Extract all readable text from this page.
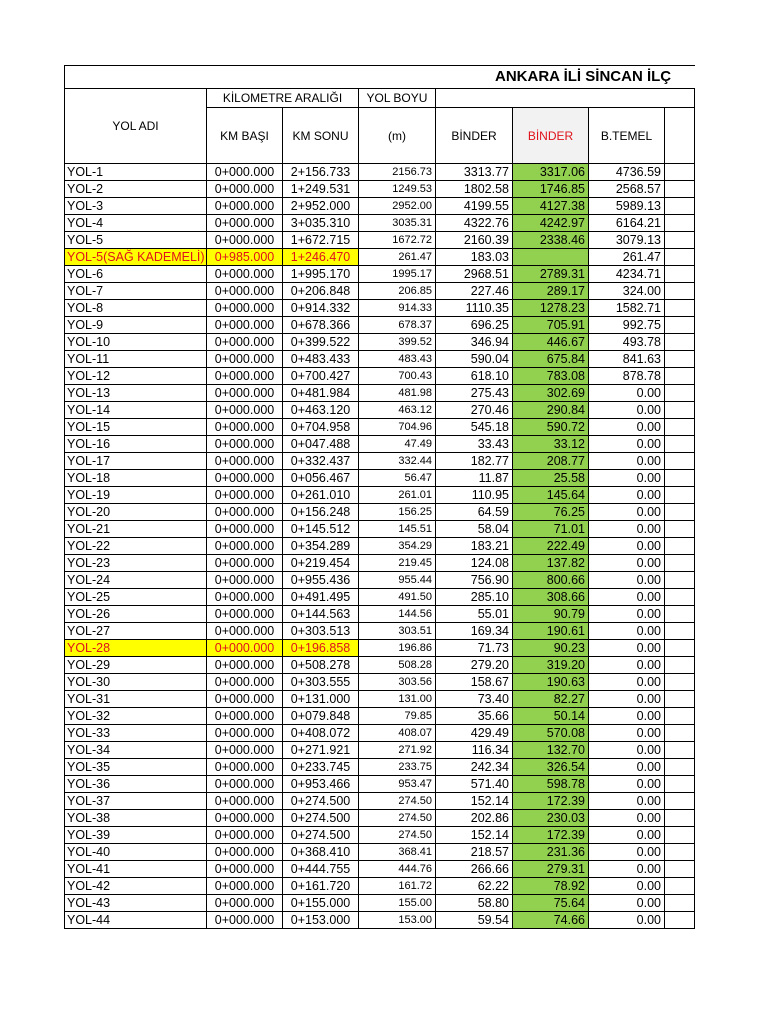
ANKARA İLİ SİNCAN İLÇ							
YOL ADI	KİLOMETRE ARALIĞI		YOL BOYU				
	KM BAŞI	KM SONU	(m)	BİNDER	BİNDER	B.TEMEL	
YOL-1	0+000.000	2+156.733	2156.73	3313.77	3317.06	4736.59	
YOL-2	0+000.000	1+249.531	1249.53	1802.58	1746.85	2568.57	
YOL-3	0+000.000	2+952.000	2952.00	4199.55	4127.38	5989.13	
YOL-4	0+000.000	3+035.310	3035.31	4322.76	4242.97	6164.21	
YOL-5	0+000.000	1+672.715	1672.72	2160.39	2338.46	3079.13	
YOL-5(SAĞ KADEMELİ)	0+985.000	1+246.470	261.47	183.03		261.47	
YOL-6	0+000.000	1+995.170	1995.17	2968.51	2789.31	4234.71	
YOL-7	0+000.000	0+206.848	206.85	227.46	289.17	324.00	
YOL-8	0+000.000	0+914.332	914.33	1110.35	1278.23	1582.71	
YOL-9	0+000.000	0+678.366	678.37	696.25	705.91	992.75	
YOL-10	0+000.000	0+399.522	399.52	346.94	446.67	493.78	
YOL-11	0+000.000	0+483.433	483.43	590.04	675.84	841.63	
YOL-12	0+000.000	0+700.427	700.43	618.10	783.08	878.78	
YOL-13	0+000.000	0+481.984	481.98	275.43	302.69	0.00	
YOL-14	0+000.000	0+463.120	463.12	270.46	290.84	0.00	
YOL-15	0+000.000	0+704.958	704.96	545.18	590.72	0.00	
YOL-16	0+000.000	0+047.488	47.49	33.43	33.12	0.00	
YOL-17	0+000.000	0+332.437	332.44	182.77	208.77	0.00	
YOL-18	0+000.000	0+056.467	56.47	11.87	25.58	0.00	
YOL-19	0+000.000	0+261.010	261.01	110.95	145.64	0.00	
YOL-20	0+000.000	0+156.248	156.25	64.59	76.25	0.00	
YOL-21	0+000.000	0+145.512	145.51	58.04	71.01	0.00	
YOL-22	0+000.000	0+354.289	354.29	183.21	222.49	0.00	
YOL-23	0+000.000	0+219.454	219.45	124.08	137.82	0.00	
YOL-24	0+000.000	0+955.436	955.44	756.90	800.66	0.00	
YOL-25	0+000.000	0+491.495	491.50	285.10	308.66	0.00	
YOL-26	0+000.000	0+144.563	144.56	55.01	90.79	0.00	
YOL-27	0+000.000	0+303.513	303.51	169.34	190.61	0.00	
YOL-28	0+000.000	0+196.858	196.86	71.73	90.23	0.00	
YOL-29	0+000.000	0+508.278	508.28	279.20	319.20	0.00	
YOL-30	0+000.000	0+303.555	303.56	158.67	190.63	0.00	
YOL-31	0+000.000	0+131.000	131.00	73.40	82.27	0.00	
YOL-32	0+000.000	0+079.848	79.85	35.66	50.14	0.00	
YOL-33	0+000.000	0+408.072	408.07	429.49	570.08	0.00	
YOL-34	0+000.000	0+271.921	271.92	116.34	132.70	0.00	
YOL-35	0+000.000	0+233.745	233.75	242.34	326.54	0.00	
YOL-36	0+000.000	0+953.466	953.47	571.40	598.78	0.00	
YOL-37	0+000.000	0+274.500	274.50	152.14	172.39	0.00	
YOL-38	0+000.000	0+274.500	274.50	202.86	230.03	0.00	
YOL-39	0+000.000	0+274.500	274.50	152.14	172.39	0.00	
YOL-40	0+000.000	0+368.410	368.41	218.57	231.36	0.00	
YOL-41	0+000.000	0+444.755	444.76	266.66	279.31	0.00	
YOL-42	0+000.000	0+161.720	161.72	62.22	78.92	0.00	
YOL-43	0+000.000	0+155.000	155.00	58.80	75.64	0.00	
YOL-44	0+000.000	0+153.000	153.00	59.54	74.66	0.00	
